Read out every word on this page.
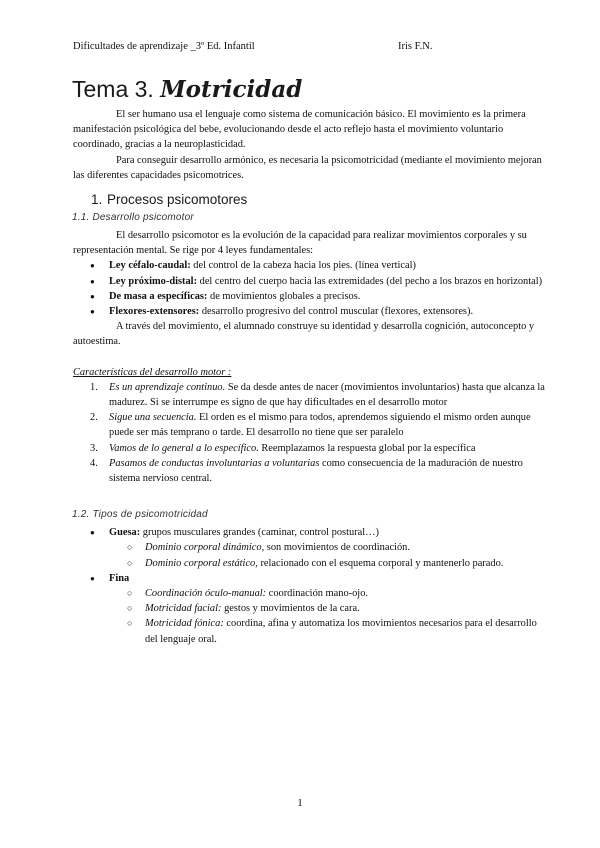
Dificultades de aprendizaje _3º Ed. Infantil	Iris F.N.
Tema 3. Motricidad

El ser humano usa el lenguaje como sistema de comunicación básico. El movimiento es la primera manifestación psicológica del bebe, evolucionando desde el acto reflejo hasta el movimiento voluntario coordinado, gracias a la neuroplasticidad.

Para conseguir desarrollo armónico, es necesaria la psicomotricidad (mediante el movimiento mejoran las diferentes capacidades psicomotrices.

1. Procesos psicomotores
1.1. Desarrollo psicomotor

El desarrollo psicomotor es la evolución de la capacidad para realizar movimientos corporales y su representación mental. Se rige por 4 leyes fundamentales:

● Ley céfalo-caudal: del control de la cabeza hacia los pies. (línea vertical)
● Ley próximo-distal: del centro del cuerpo hacia las extremidades (del pecho a los brazos en horizontal)
● De masa a específicas: de movimientos globales a precisos.
● Flexores-extensores: desarrollo progresivo del control muscular (flexores, extensores).

A través del movimiento, el alumnado construye su identidad y desarrolla cognición, autoconcepto y autoestima.

Características del desarrollo motor :

1. Es un aprendizaje continuo. Se da desde antes de nacer (movimientos involuntarios) hasta que alcanza la madurez. Si se interrumpe es signo de que hay dificultades en el desarrollo motor
2. Sigue una secuencia. El orden es el mismo para todos, aprendemos siguiendo el mismo orden aunque puede ser más temprano o tarde. El desarrollo no tiene que ser paralelo
3. Vamos de lo general a lo específico. Reemplazamos la respuesta global por la específica
4. Pasamos de conductas involuntarias a voluntarias como consecuencia de la maduración de nuestro sistema nervioso central.
1.2. Tipos de psicomotricidad
● Guesa: grupos musculares grandes (caminar, control postural…)
○ Dominio corporal dinámico, son movimientos de coordinación.
○ Dominio corporal estático, relacionado con el esquema corporal y mantenerlo parado.
● Fina
○ Coordinación óculo-manual: coordinación mano-ojo.
○ Motricidad facial: gestos y movimientos de la cara.
○ Motricidad fónica: coordina, afina y automatiza los movimientos necesarios para el desarrollo del lenguaje oral.
1
